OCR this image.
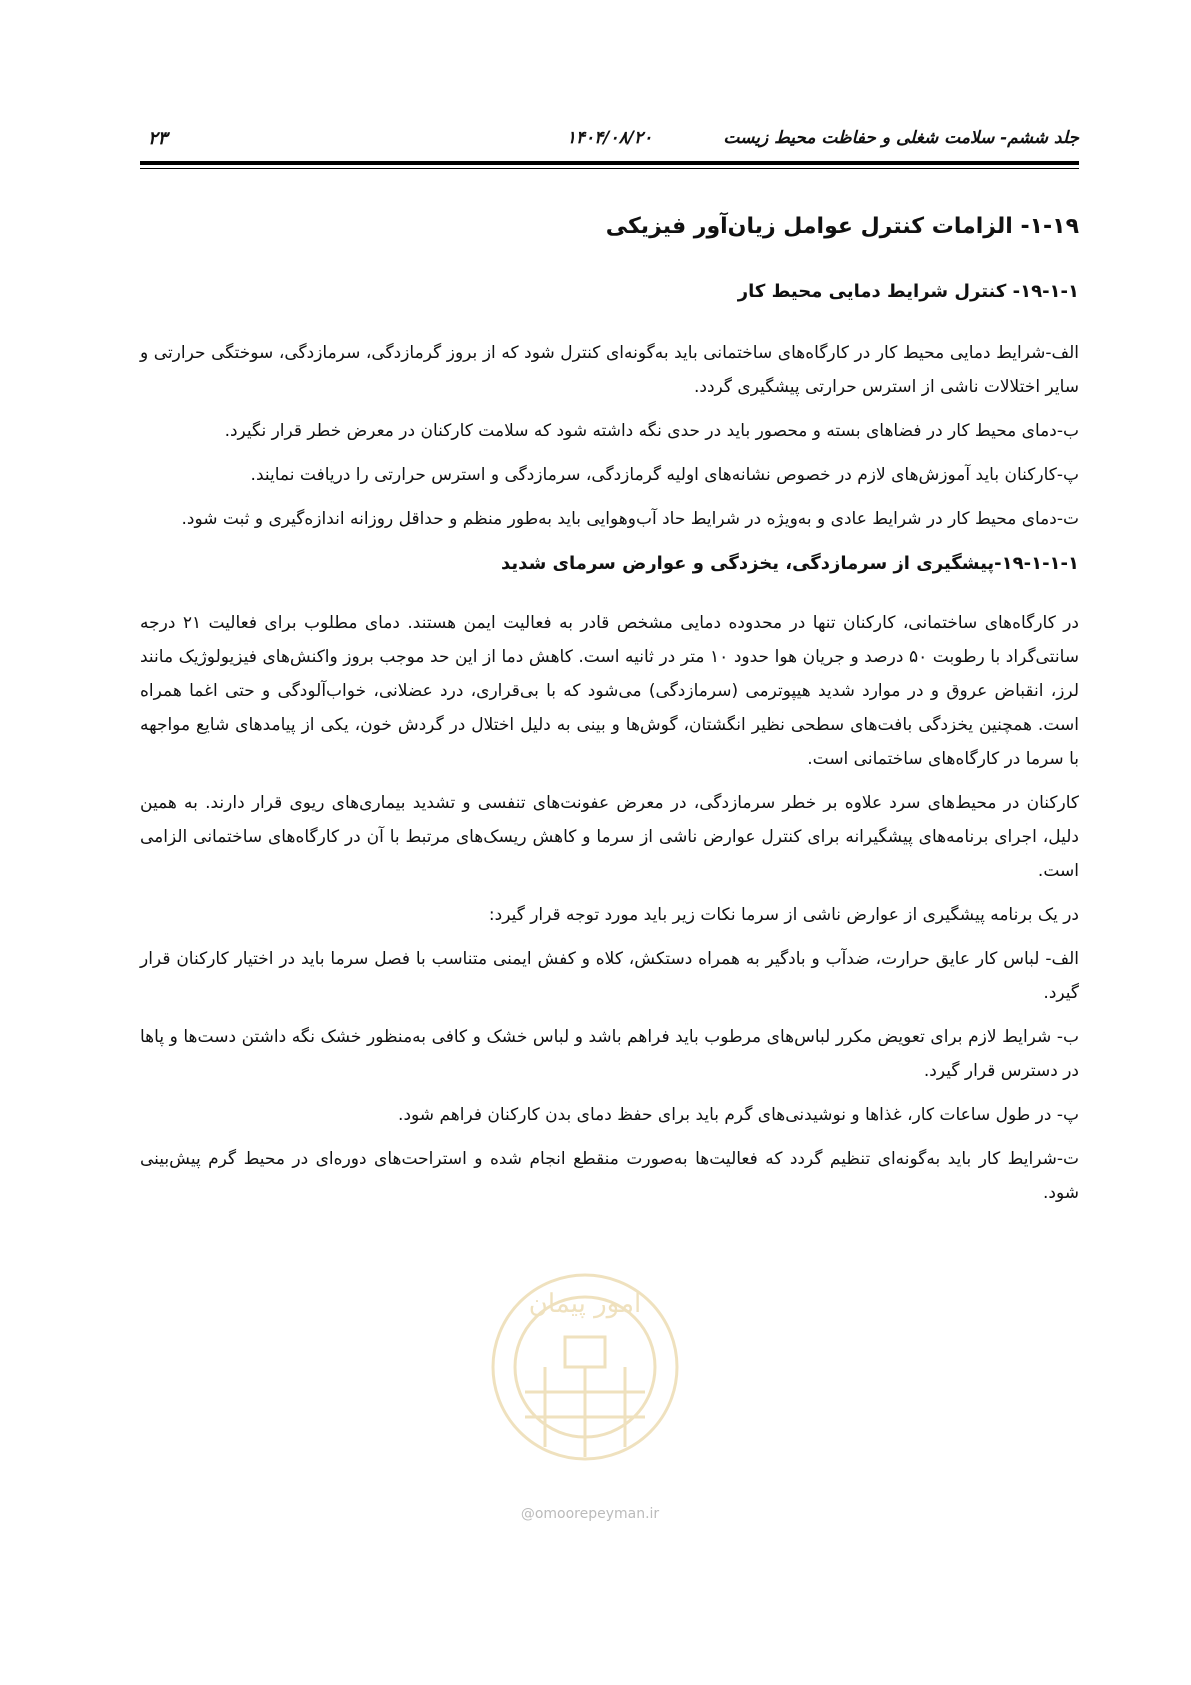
۲۳	۱۴۰۴/۰۸/۲۰	جلد ششم- سلامت شغلی و حفاظت محیط زیست
۱-۱۹- الزامات کنترل عوامل زیان‌آور فیزیکی
۱۹-۱-۱- کنترل شرایط دمایی محیط کار

الف-شرایط دمایی محیط کار در کارگاه‌های ساختمانی باید به‌گونه‌ای کنترل شود که از بروز گرمازدگی، سرمازدگی، سوختگی حرارتی و سایر اختلالات ناشی از استرس حرارتی پیشگیری گردد.

ب-دمای محیط کار در فضاهای بسته و محصور باید در حدی نگه داشته شود که سلامت کارکنان در معرض خطر قرار نگیرد.

پ-کارکنان باید آموزش‌های لازم در خصوص نشانه‌های اولیه گرمازدگی، سرمازدگی و استرس حرارتی را دریافت نمایند.

ت-دمای محیط کار در شرایط عادی و به‌ویژه در شرایط حاد آب‌وهوایی باید به‌طور منظم و حداقل روزانه اندازه‌گیری و ثبت شود.

۱۹-۱-۱-۱-پیشگیری از سرمازدگی، یخزدگی و عوارض سرمای شدید

در کارگاه‌های ساختمانی، کارکنان تنها در محدوده دمایی مشخص قادر به فعالیت ایمن هستند. دمای مطلوب برای فعالیت ۲۱ درجه سانتی‌گراد با رطوبت ۵۰ درصد و جریان هوا حدود ۱۰ متر در ثانیه است. کاهش دما از این حد موجب بروز واکنش‌های فیزیولوژیک مانند لرز، انقباض عروق و در موارد شدید هیپوترمی (سرمازدگی) می‌شود که با بی‌قراری، درد عضلانی، خواب‌آلودگی و حتی اغما همراه است. همچنین یخزدگی بافت‌های سطحی نظیر انگشتان، گوش‌ها و بینی به دلیل اختلال در گردش خون، یکی از پیامدهای شایع مواجهه با سرما در کارگاه‌های ساختمانی است.

کارکنان در محیط‌های سرد علاوه بر خطر سرمازدگی، در معرض عفونت‌های تنفسی و تشدید بیماری‌های ریوی قرار دارند. به همین دلیل، اجرای برنامه‌های پیشگیرانه برای کنترل عوارض ناشی از سرما و کاهش ریسک‌های مرتبط با آن در کارگاه‌های ساختمانی الزامی است.

در یک برنامه پیشگیری از عوارض ناشی از سرما نکات زیر باید مورد توجه قرار گیرد:

الف- لباس کار عایق حرارت، ضدآب و بادگیر به همراه دستکش، کلاه و کفش ایمنی متناسب با فصل سرما باید در اختیار کارکنان قرار گیرد.

ب- شرایط لازم برای تعویض مکرر لباس‌های مرطوب باید فراهم باشد و لباس خشک و کافی به‌منظور خشک نگه داشتن دست‌ها و پاها در دسترس قرار گیرد.

پ- در طول ساعات کار، غذاها و نوشیدنی‌های گرم باید برای حفظ دمای بدن کارکنان فراهم شود.

ت-شرایط کار باید به‌گونه‌ای تنظیم گردد که فعالیت‌ها به‌صورت منقطع انجام شده و استراحت‌های دوره‌ای در محیط گرم پیش‌بینی شود.

امور پیمان
@omoorepeyman.ir
